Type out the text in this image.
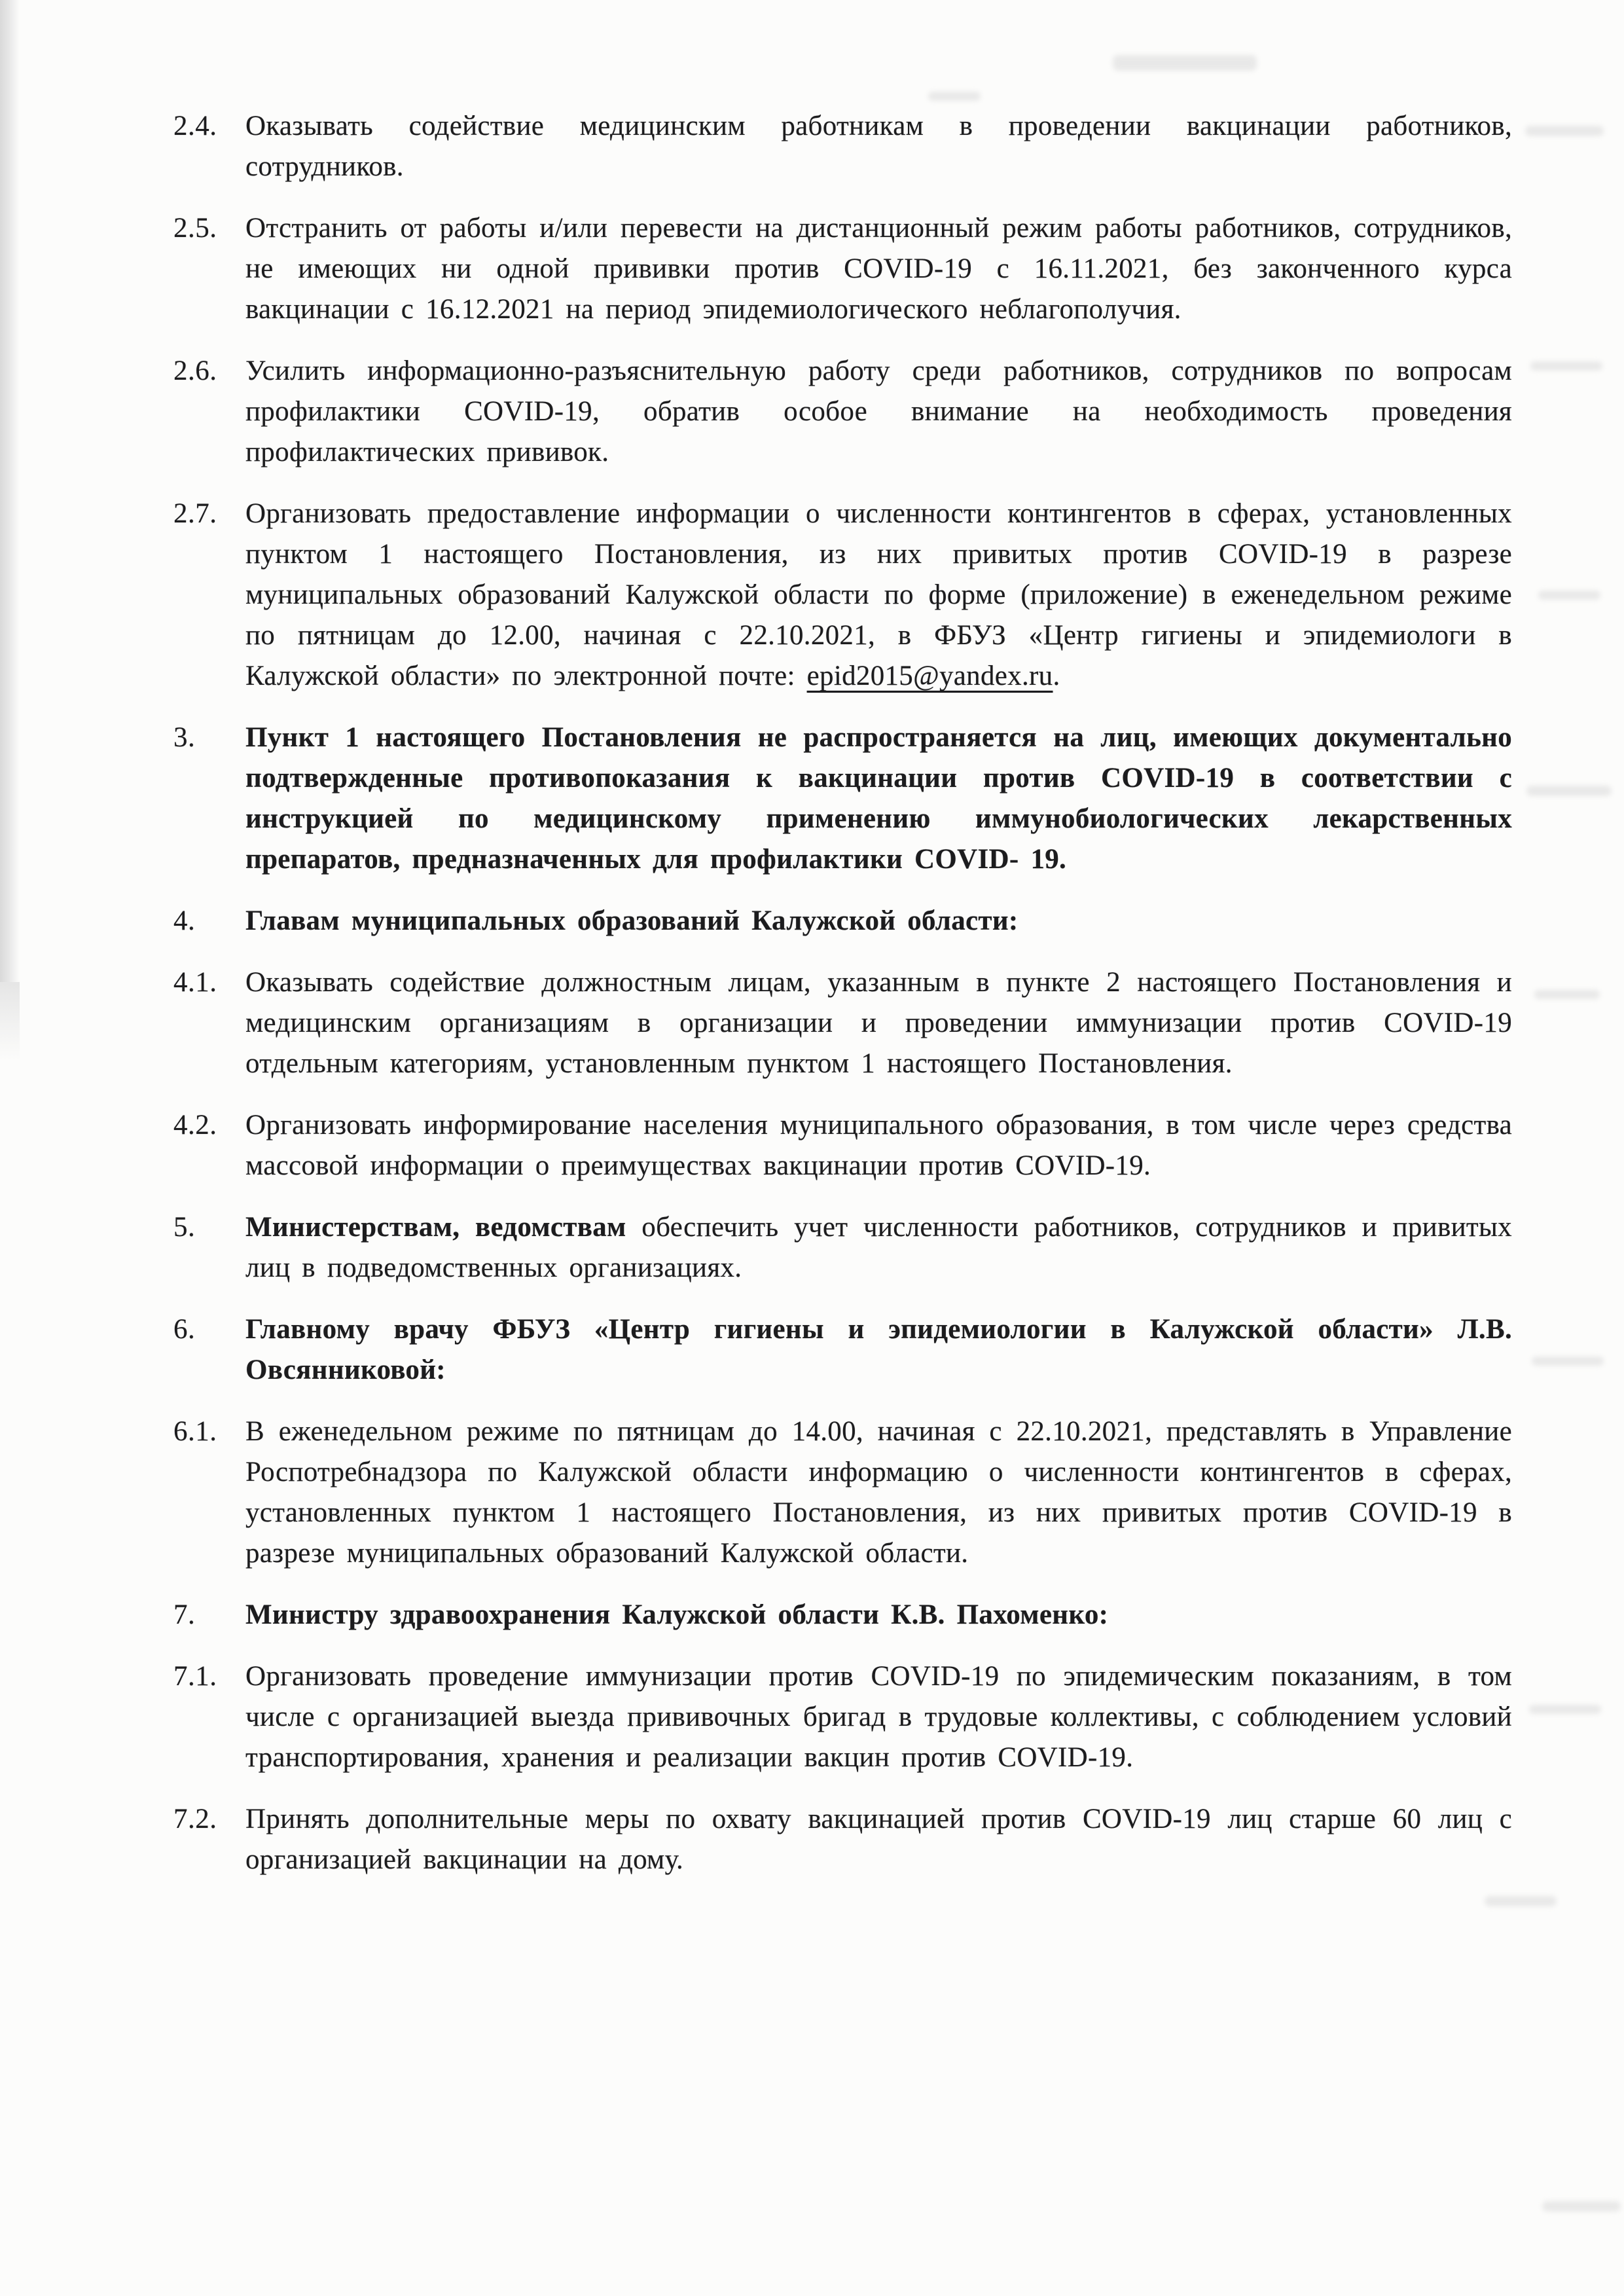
2.4.	Оказывать содействие медицинским работникам в проведении вакцинации работников, сотрудников.

2.5.	Отстранить от работы и/или перевести на дистанционный режим работы работников, сотрудников, не имеющих ни одной прививки против COVID-19 с 16.11.2021, без законченного курса вакцинации с 16.12.2021 на период эпидемиологического неблагополучия.

2.6.	Усилить информационно-разъяснительную работу среди работников, сотрудников по вопросам профилактики COVID-19, обратив особое внимание на необходимость проведения профилактических прививок.

2.7.	Организовать предоставление информации о численности контингентов в сферах, установленных пунктом 1 настоящего Постановления, из них привитых против COVID-19 в разрезе муниципальных образований Калужской области по форме (приложение) в еженедельном режиме по пятницам до 12.00, начиная с 22.10.2021, в ФБУЗ «Центр гигиены и эпидемиологи в Калужской области» по электронной почте: epid2015@yandex.ru.

3.	Пункт 1 настоящего Постановления не распространяется на лиц, имеющих документально подтвержденные противопоказания к вакцинации против COVID-19 в соответствии с инструкцией по медицинскому применению иммунобиологических лекарственных препаратов, предназначенных для профилактики COVID- 19.

4.	Главам муниципальных образований Калужской области:

4.1.	Оказывать содействие должностным лицам, указанным в пункте 2 настоящего Постановления и медицинским организациям в организации и проведении иммунизации против COVID-19 отдельным категориям, установленным пунктом 1 настоящего Постановления.

4.2.	Организовать информирование населения муниципального образования, в том числе через средства массовой информации о преимуществах вакцинации против COVID-19.

5.	Министерствам, ведомствам обеспечить учет численности работников, сотрудников и привитых лиц в подведомственных организациях.

6.	Главному врачу ФБУЗ «Центр гигиены и эпидемиологии в Калужской области» Л.В. Овсянниковой:

6.1.	В еженедельном режиме по пятницам до 14.00, начиная с 22.10.2021, представлять в Управление Роспотребнадзора по Калужской области информацию о численности контингентов в сферах, установленных пунктом 1 настоящего Постановления, из них привитых против COVID-19 в разрезе муниципальных образований Калужской области.

7.	Министру здравоохранения Калужской области К.В. Пахоменко:

7.1.	Организовать проведение иммунизации против COVID-19 по эпидемическим показаниям, в том числе с организацией выезда прививочных бригад в трудовые коллективы, с соблюдением условий транспортирования, хранения и реализации вакцин против COVID-19.

7.2.	Принять дополнительные меры по охвату вакцинацией против COVID-19 лиц старше 60 лиц с организацией вакцинации на дому.
